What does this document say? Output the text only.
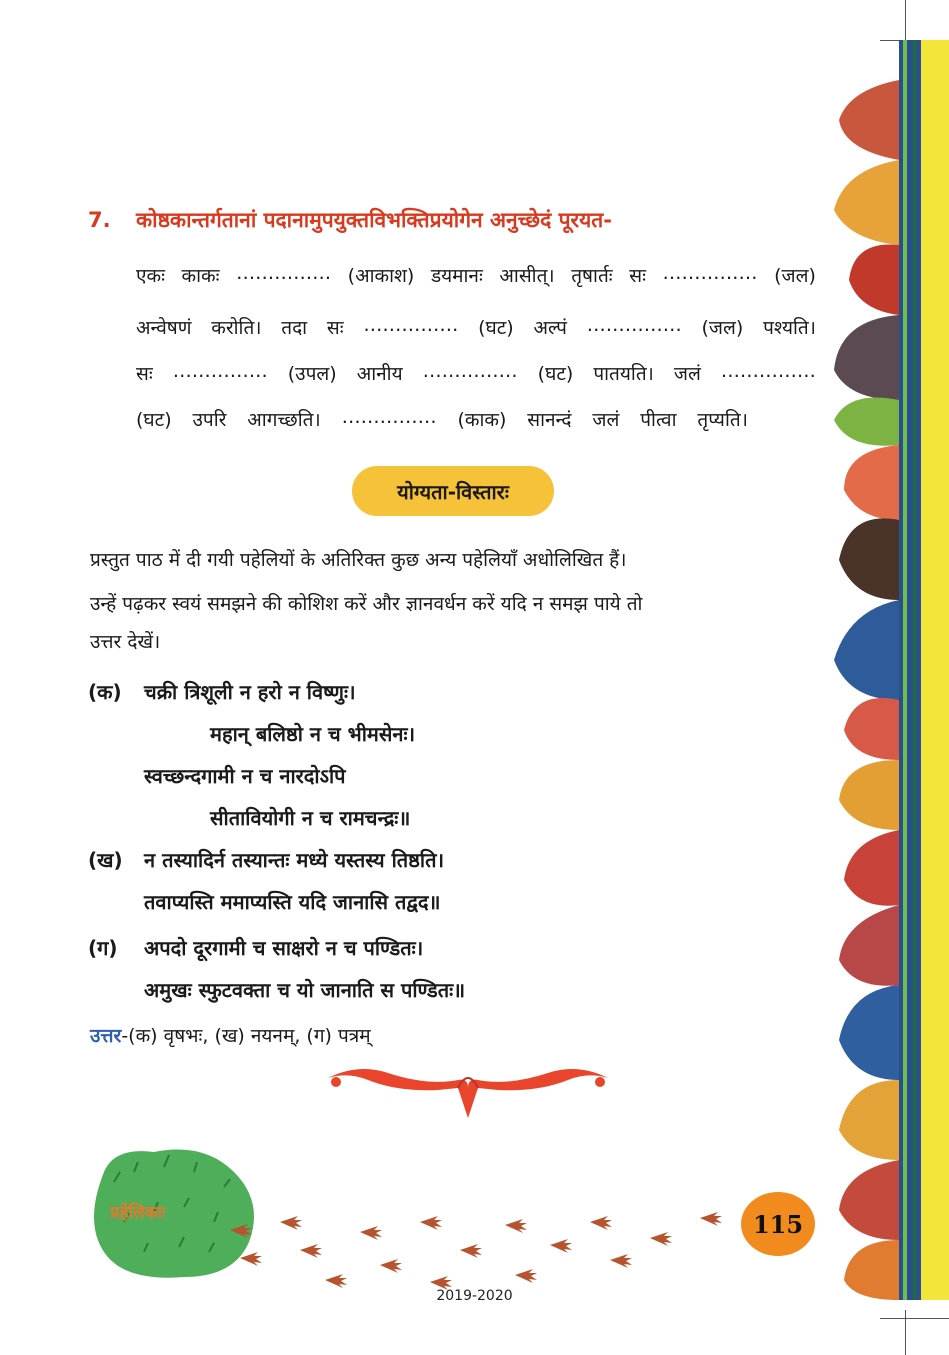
7. कोष्ठकान्तर्गतानां पदानामुपयुक्तविभक्तिप्रयोगेन अनुच्छेदं पूरयत-
एकः काकः …………… (आकाश) डयमानः आसीत्। तृषार्तः सः …………… (जल)
अन्वेषणं करोति। तदा सः …………… (घट) अल्पं …………… (जल) पश्यति।
सः …………… (उपल) आनीय …………… (घट) पातयति। जलं ……………
(घट) उपरि आगच्छति। …………… (काक) सानन्दं जलं पीत्वा तृप्यति।
योग्यता-विस्तारः
प्रस्तुत पाठ में दी गयी पहेलियों के अतिरिक्त कुछ अन्य पहेलियाँ अधोलिखित हैं।
उन्हें पढ़कर स्वयं समझने की कोशिश करें और ज्ञानवर्धन करें यदि न समझ पाये तो
उत्तर देखें।
(क) चक्री त्रिशूली न हरो न विष्णुः।
महान् बलिष्ठो न च भीमसेनः।
स्वच्छन्दगामी न च नारदोऽपि
सीतावियोगी न च रामचन्द्रः॥
(ख) न तस्यादिर्न तस्यान्तः मध्ये यस्तस्य तिष्ठति।
तवाप्यस्ति ममाप्यस्ति यदि जानासि तद्वद॥
(ग) अपदो दूरगामी च साक्षरो न च पण्डितः।
अमुखः स्फुटवक्ता च यो जानाति स पण्डितः॥
उत्तर-(क) वृषभः, (ख) नयनम्, (ग) पत्रम्
प्रहेलिकाः	115
2019-2020
